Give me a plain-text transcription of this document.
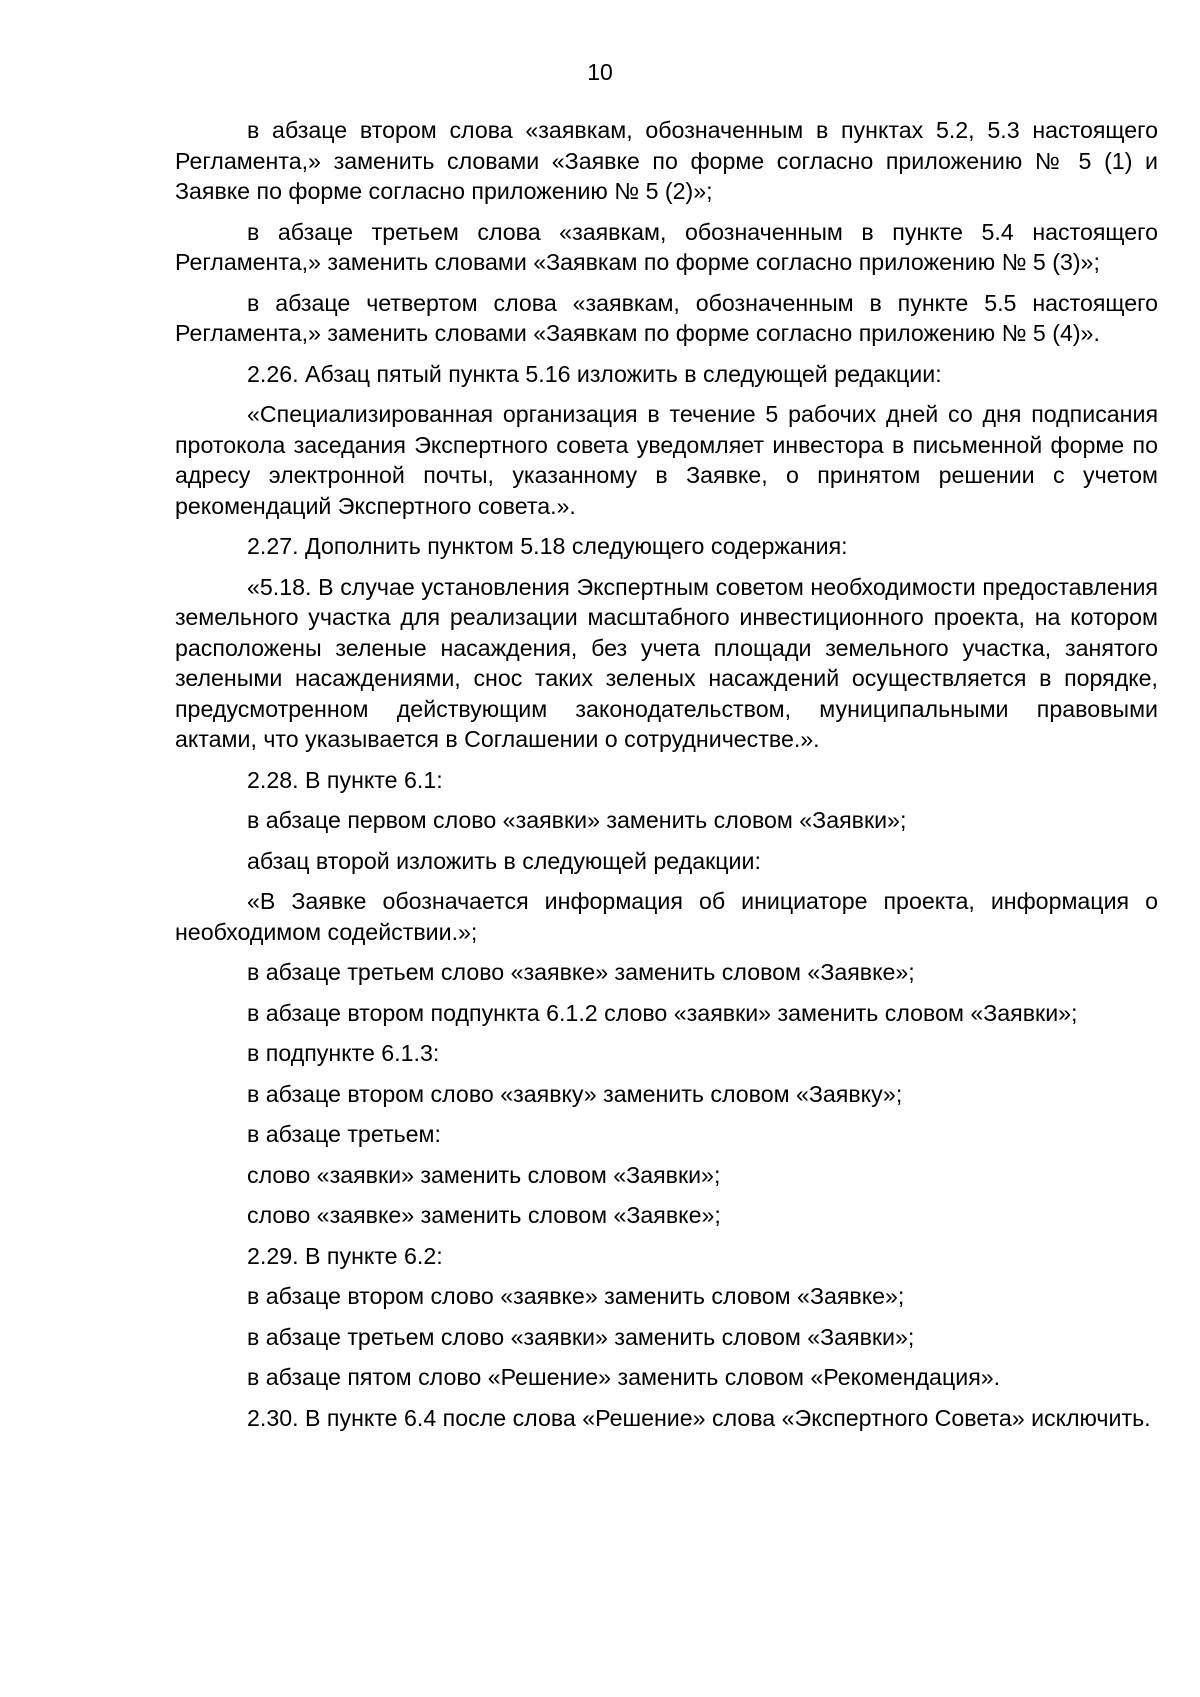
10

в абзаце втором слова «заявкам, обозначенным в пунктах 5.2, 5.3 настоящего Регламента,» заменить словами «Заявке по форме согласно приложению № 5 (1) и Заявке по форме согласно приложению № 5 (2)»;

в абзаце третьем слова «заявкам, обозначенным в пункте 5.4 настоящего Регламента,» заменить словами «Заявкам по форме согласно приложению № 5 (3)»;

в абзаце четвертом слова «заявкам, обозначенным в пункте 5.5 настоящего Регламента,» заменить словами «Заявкам по форме согласно приложению № 5 (4)».

2.26. Абзац пятый пункта 5.16 изложить в следующей редакции:

«Специализированная организация в течение 5 рабочих дней со дня подписания протокола заседания Экспертного совета уведомляет инвестора в письменной форме по адресу электронной почты, указанному в Заявке, о принятом решении с учетом рекомендаций Экспертного совета.».

2.27. Дополнить пунктом 5.18 следующего содержания:

«5.18. В случае установления Экспертным советом необходимости предоставления земельного участка для реализации масштабного инвестиционного проекта, на котором расположены зеленые насаждения, без учета площади земельного участка, занятого зелеными насаждениями, снос таких зеленых насаждений осуществляется в порядке, предусмотренном действующим законодательством, муниципальными правовыми актами, что указывается в Соглашении о сотрудничестве.».

2.28. В пункте 6.1:

в абзаце первом слово «заявки» заменить словом «Заявки»;

абзац второй изложить в следующей редакции:

«В Заявке обозначается информация об инициаторе проекта, информация о необходимом содействии.»;

в абзаце третьем слово «заявке» заменить словом «Заявке»;

в абзаце втором подпункта 6.1.2 слово «заявки» заменить словом «Заявки»;

в подпункте 6.1.3:

в абзаце втором слово «заявку» заменить словом «Заявку»;

в абзаце третьем:

слово «заявки» заменить словом «Заявки»;

слово «заявке» заменить словом «Заявке»;

2.29. В пункте 6.2:

в абзаце втором слово «заявке» заменить словом «Заявке»;

в абзаце третьем слово «заявки» заменить словом «Заявки»;

в абзаце пятом слово «Решение» заменить словом «Рекомендация».

2.30. В пункте 6.4 после слова «Решение» слова «Экспертного Совета» исключить.
